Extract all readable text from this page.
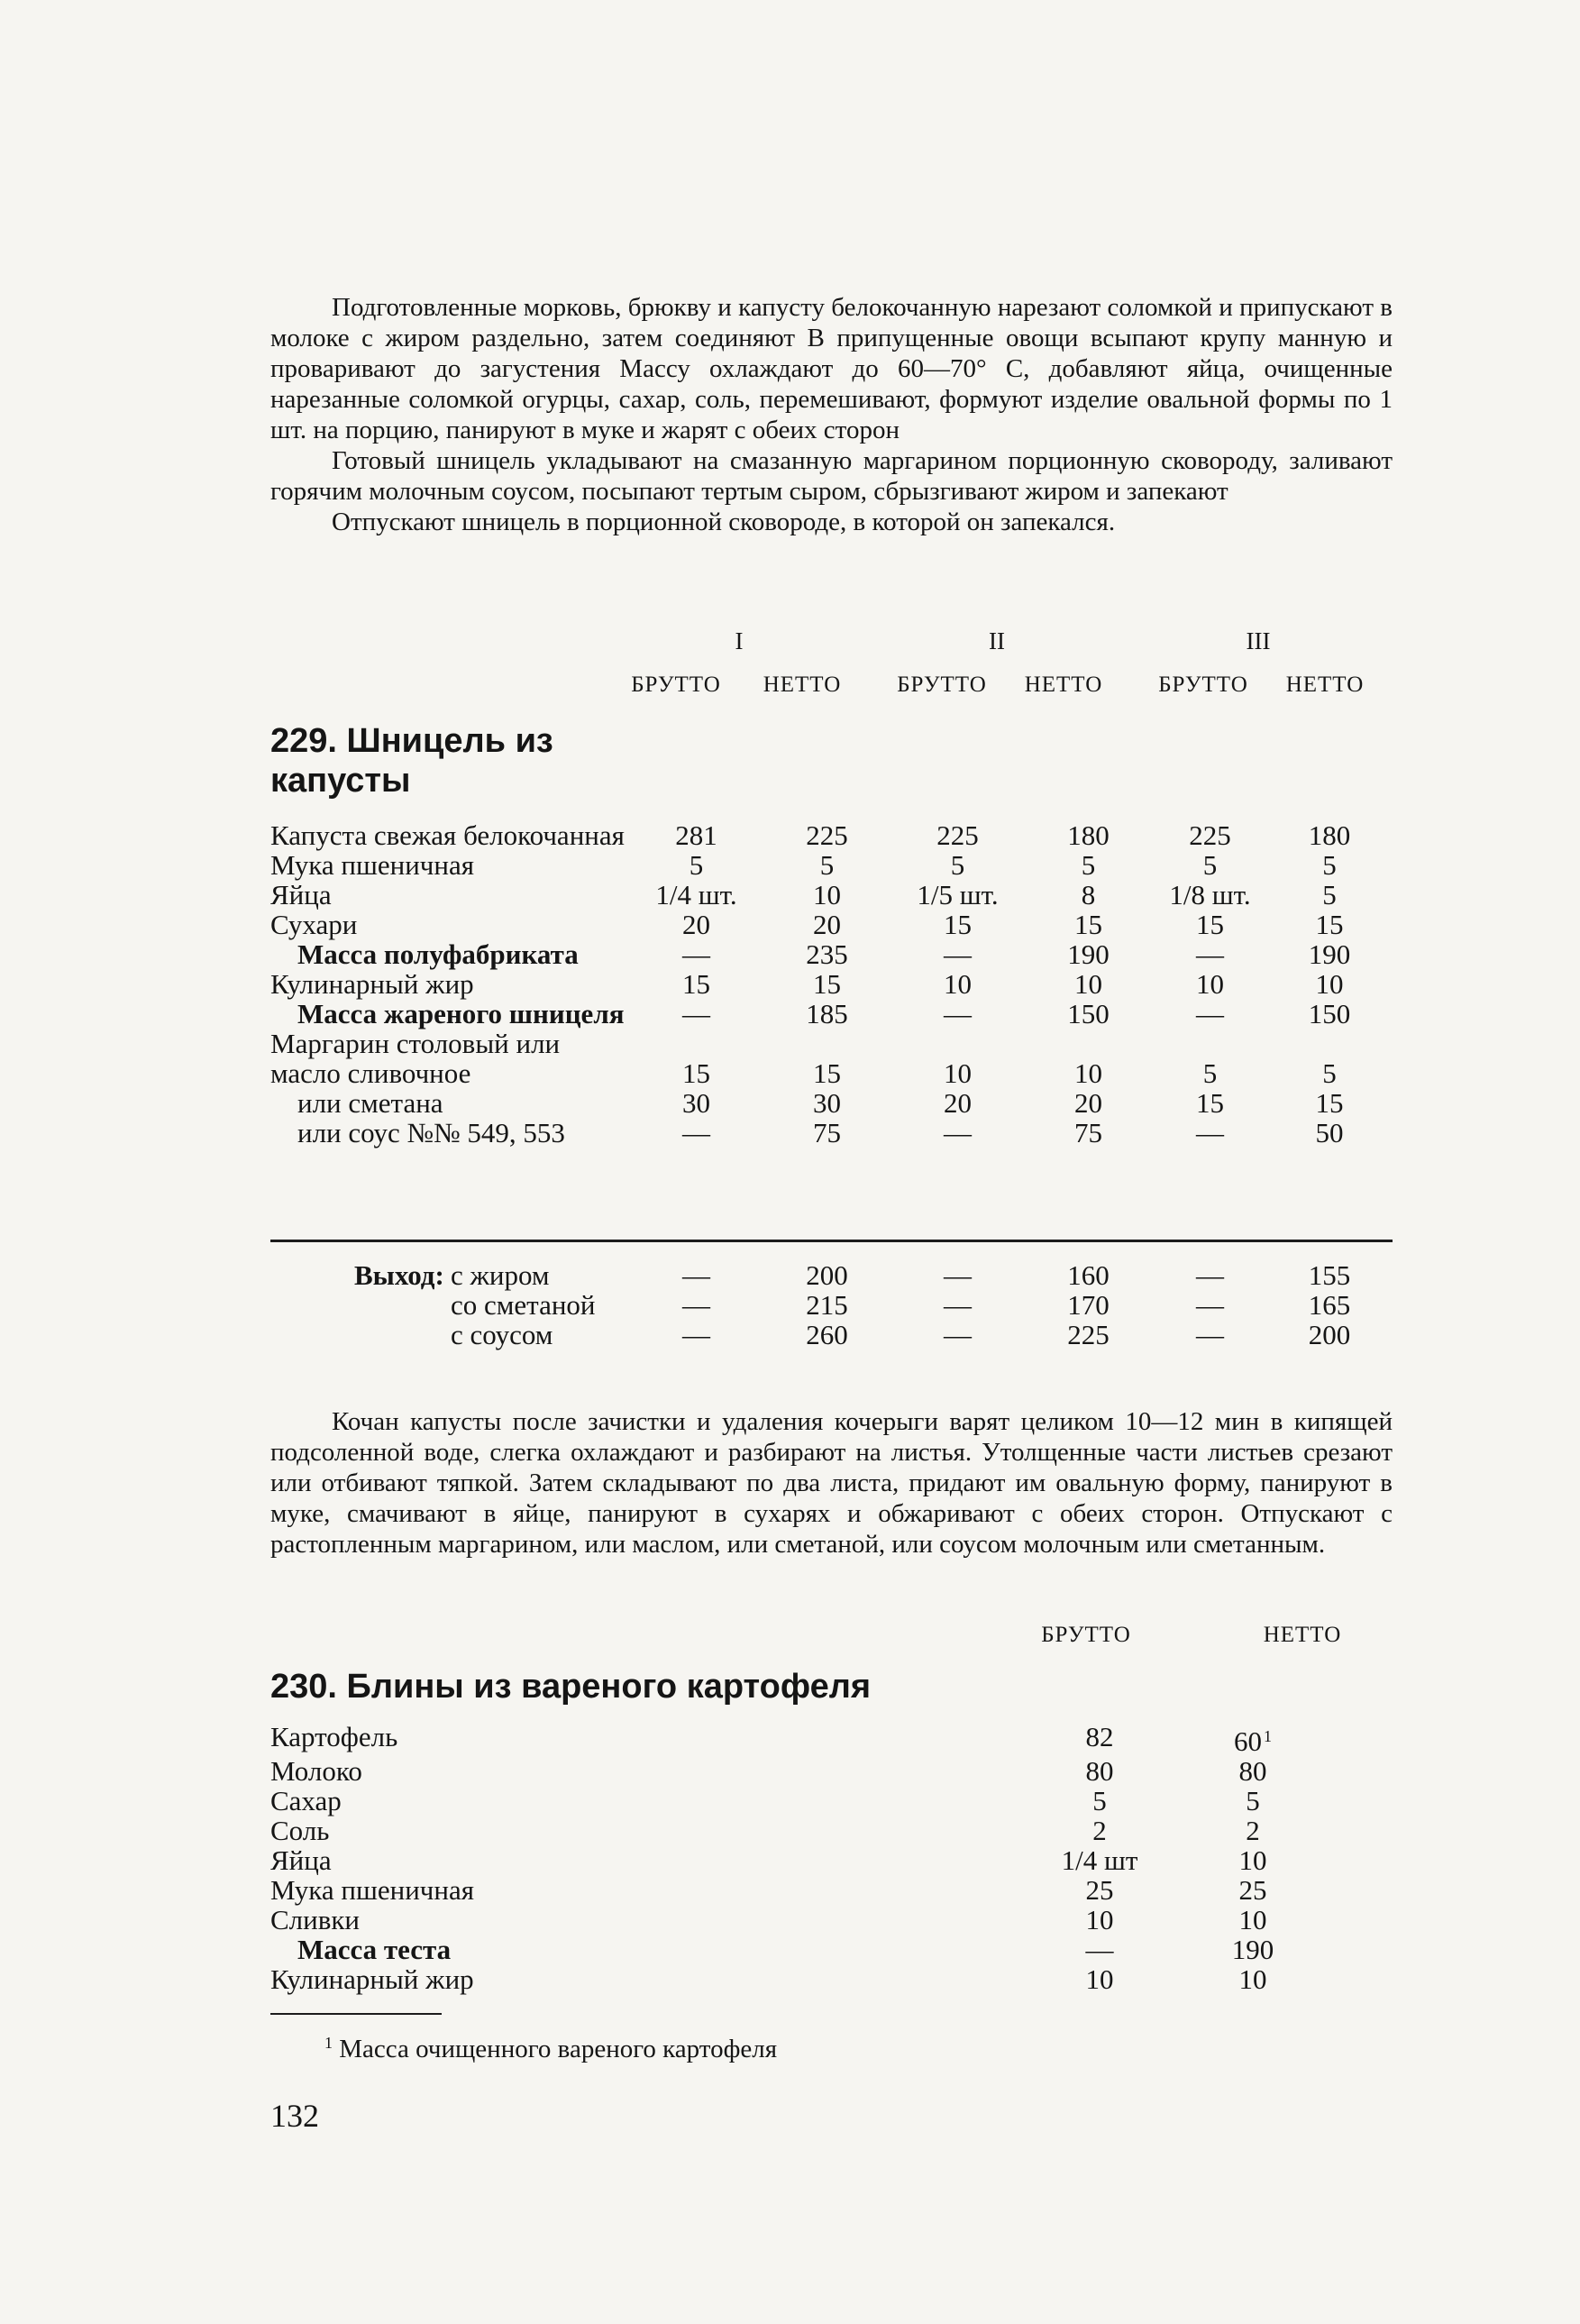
Подготовленные морковь, брюкву и капусту белокочанную нарезают соломкой и припускают в молоке с жиром раздельно, затем соединяют В припущенные овощи всыпают крупу манную и проваривают до загустения Массу охлаждают до 60—70° С, добавляют яйца, очищенные нарезанные соломкой огурцы, сахар, соль, перемешивают, формуют изделие овальной формы по 1 шт. на порцию, панируют в муке и жарят с обеих сторон

Готовый шницель укладывают на смазанную маргарином порционную сковороду, заливают горячим молочным соусом, посыпают тертым сыром, сбрызгивают жиром и запекают

Отпускают шницель в порционной сковороде, в которой он запекался.

I	II	III
БРУТТО	НЕТТО	БРУТТО	НЕТТО	БРУТТО	НЕТТО
229. Шницель из капусты
Капуста свежая белокочанная	281	225	225	180	225	180
Мука пшеничная	5	5	5	5	5	5
Яйца	1/4 шт.	10	1/5 шт.	8	1/8 шт.	5
Сухари	20	20	15	15	15	15
Масса полуфабриката	—	235	—	190	—	190
Кулинарный жир	15	15	10	10	10	10
Масса жареного шницеля	—	185	—	150	—	150
Маргарин столовый или						
масло сливочное	15	15	10	10	5	5
или сметана	30	30	20	20	15	15
или соус №№ 549, 553	—	75	—	75	—	50
Выход: с жиром	—	200	—	160	—	155
со сметаной	—	215	—	170	—	165
с соусом	—	260	—	225	—	200

Кочан капусты после зачистки и удаления кочерыги варят целиком 10—12 мин в кипящей подсоленной воде, слегка охлаждают и разбирают на листья. Утолщенные части листьев срезают или отбивают тяпкой. Затем складывают по два листа, придают им овальную форму, панируют в муке, смачивают в яйце, панируют в сухарях и обжаривают с обеих сторон. Отпускают с растопленным маргарином, или маслом, или сметаной, или соусом молочным или сметанным.

БРУТТО	НЕТТО
230. Блины из вареного картофеля
Картофель	82	60 $^1$
Молоко	80	80
Сахар	5	5
Соль	2	2
Яйца	1/4 шт	10
Мука пшеничная	25	25
Сливки	10	10
Масса теста	—	190
Кулинарный жир	10	10
$^1$ Масса очищенного вареного картофеля
132
